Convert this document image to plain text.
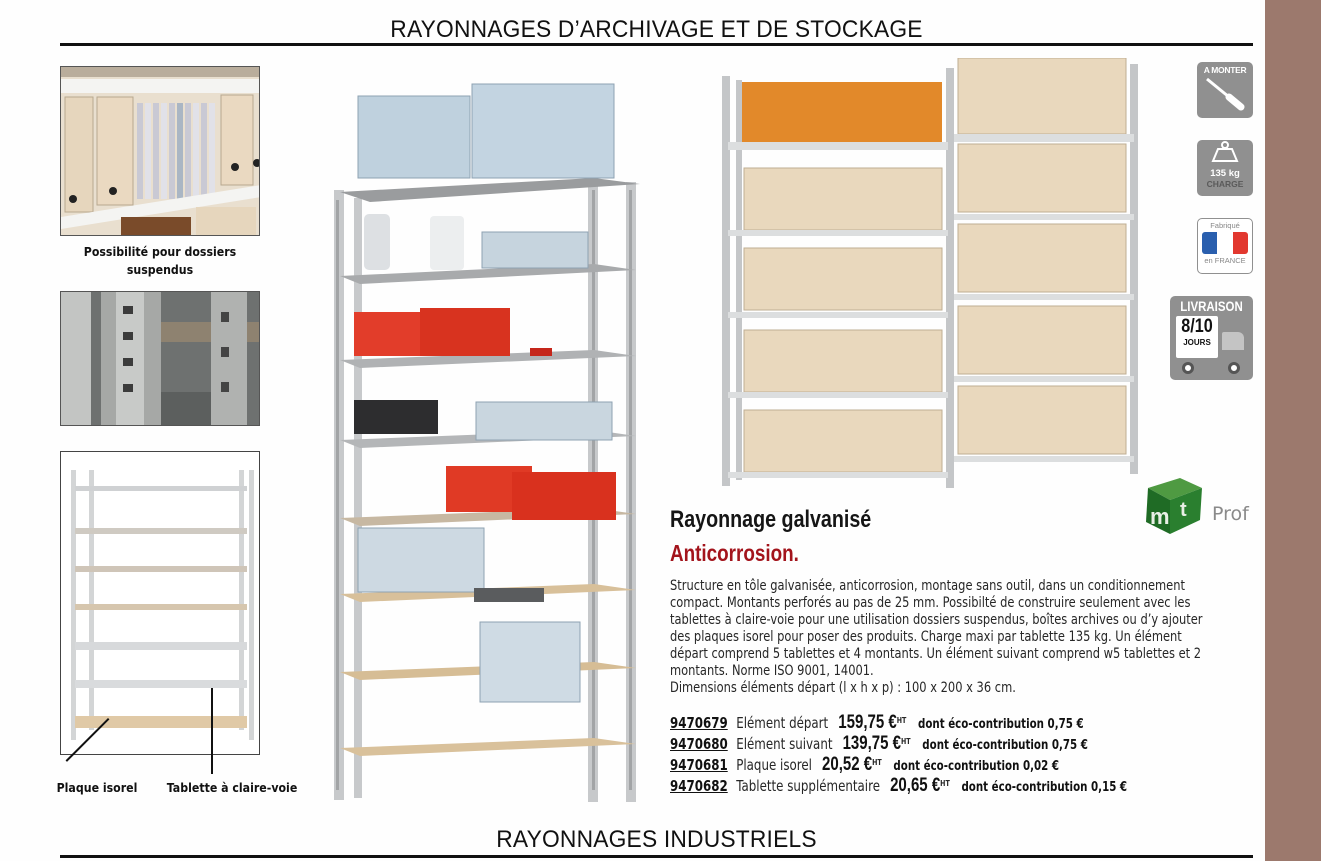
RAYONNAGES D’ARCHIVAGE ET DE STOCKAGE
Possibilité pour dossiers suspendus
Plaque isorel	Tablette à claire-voie
A MONTER
135 kg
CHARGE
Fabriqué
en FRANCE
LIVRAISON
8/10
JOURS
m t Prof
Rayonnage galvanisé
Anticorrosion.
Structure en tôle galvanisée, anticorrosion, montage sans outil, dans un conditionnement compact. Montants perforés au pas de 25 mm. Possibilté de construire seulement avec les tablettes à claire-voie pour une utilisation dossiers suspendus, boîtes archives ou d’y ajouter des plaques isorel pour poser des produits. Charge maxi par tablette 135 kg. Un élément départ comprend 5 tablettes et 4 montants. Un élément suivant comprend w5 tablettes et 2 montants. Norme ISO 9001, 14001.
Dimensions éléments départ (l x h x p) : 100 x 200 x 36 cm.
9470679 Elément départ 159,75 €$^{HT}$ dont éco-contribution 0,75 €
9470680 Elément suivant 139,75 €$^{HT}$ dont éco-contribution 0,75 €
9470681 Plaque isorel 20,52 €$^{HT}$ dont éco-contribution 0,02 €
9470682 Tablette supplémentaire 20,65 €$^{HT}$ dont éco-contribution 0,15 €
RAYONNAGES INDUSTRIELS
